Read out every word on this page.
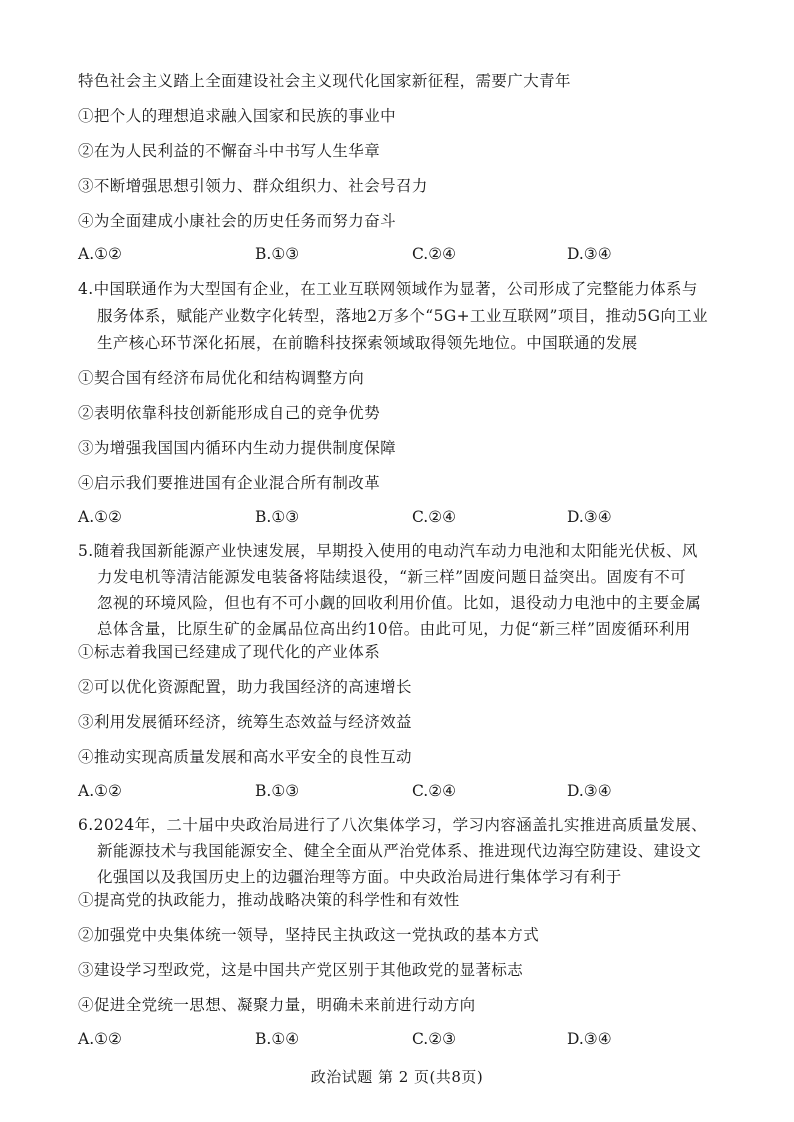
特色社会主义踏上全面建设社会主义现代化国家新征程，需要广大青年
①把个人的理想追求融入国家和民族的事业中
②在为人民利益的不懈奋斗中书写人生华章
③不断增强思想引领力、群众组织力、社会号召力
④为全面建成小康社会的历史任务而努力奋斗
A.①②	B.①③	C.②④	D.③④
4.中国联通作为大型国有企业，在工业互联网领域作为显著，公司形成了完整能力体系与
服务体系，赋能产业数字化转型，落地2万多个“5G+工业互联网”项目，推动5G向工业
生产核心环节深化拓展，在前瞻科技探索领域取得领先地位。中国联通的发展
①契合国有经济布局优化和结构调整方向
②表明依靠科技创新能形成自己的竞争优势
③为增强我国国内循环内生动力提供制度保障
④启示我们要推进国有企业混合所有制改革
A.①②	B.①③	C.②④	D.③④
5.随着我国新能源产业快速发展，早期投入使用的电动汽车动力电池和太阳能光伏板、风
力发电机等清洁能源发电装备将陆续退役，“新三样”固废问题日益突出。固废有不可
忽视的环境风险，但也有不可小觑的回收利用价值。比如，退役动力电池中的主要金属
总体含量，比原生矿的金属品位高出约10倍。由此可见，力促“新三样”固废循环利用
①标志着我国已经建成了现代化的产业体系
②可以优化资源配置，助力我国经济的高速增长
③利用发展循环经济，统筹生态效益与经济效益
④推动实现高质量发展和高水平安全的良性互动
A.①②	B.①③	C.②④	D.③④
6.2024年，二十届中央政治局进行了八次集体学习，学习内容涵盖扎实推进高质量发展、
新能源技术与我国能源安全、健全全面从严治党体系、推进现代边海空防建设、建设文
化强国以及我国历史上的边疆治理等方面。中央政治局进行集体学习有利于
①提高党的执政能力，推动战略决策的科学性和有效性
②加强党中央集体统一领导，坚持民主执政这一党执政的基本方式
③建设学习型政党，这是中国共产党区别于其他政党的显著标志
④促进全党统一思想、凝聚力量，明确未来前进行动方向
A.①②	B.①④	C.②③	D.③④
政治试题 第 2 页(共8页)
